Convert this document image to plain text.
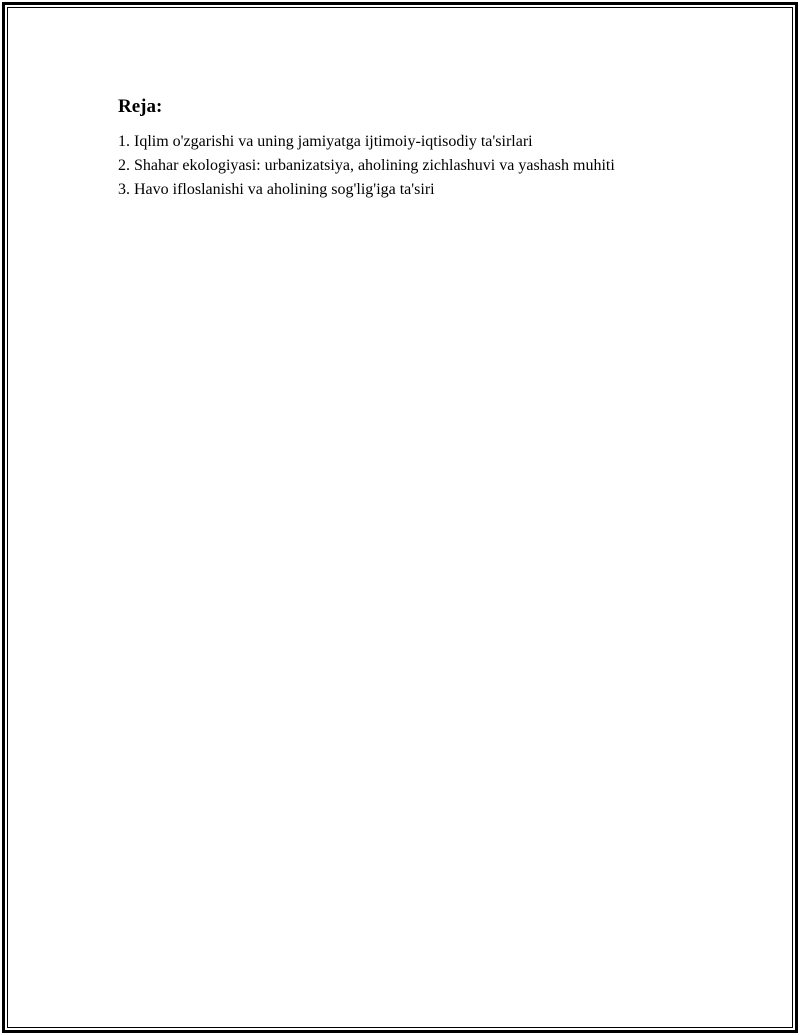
Reja:
1. Iqlim o'zgarishi va uning jamiyatga ijtimoiy-iqtisodiy ta'sirlari
2. Shahar ekologiyasi: urbanizatsiya, aholining zichlashuvi va yashash muhiti
3. Havo ifloslanishi va aholining sog'lig'iga ta'siri
